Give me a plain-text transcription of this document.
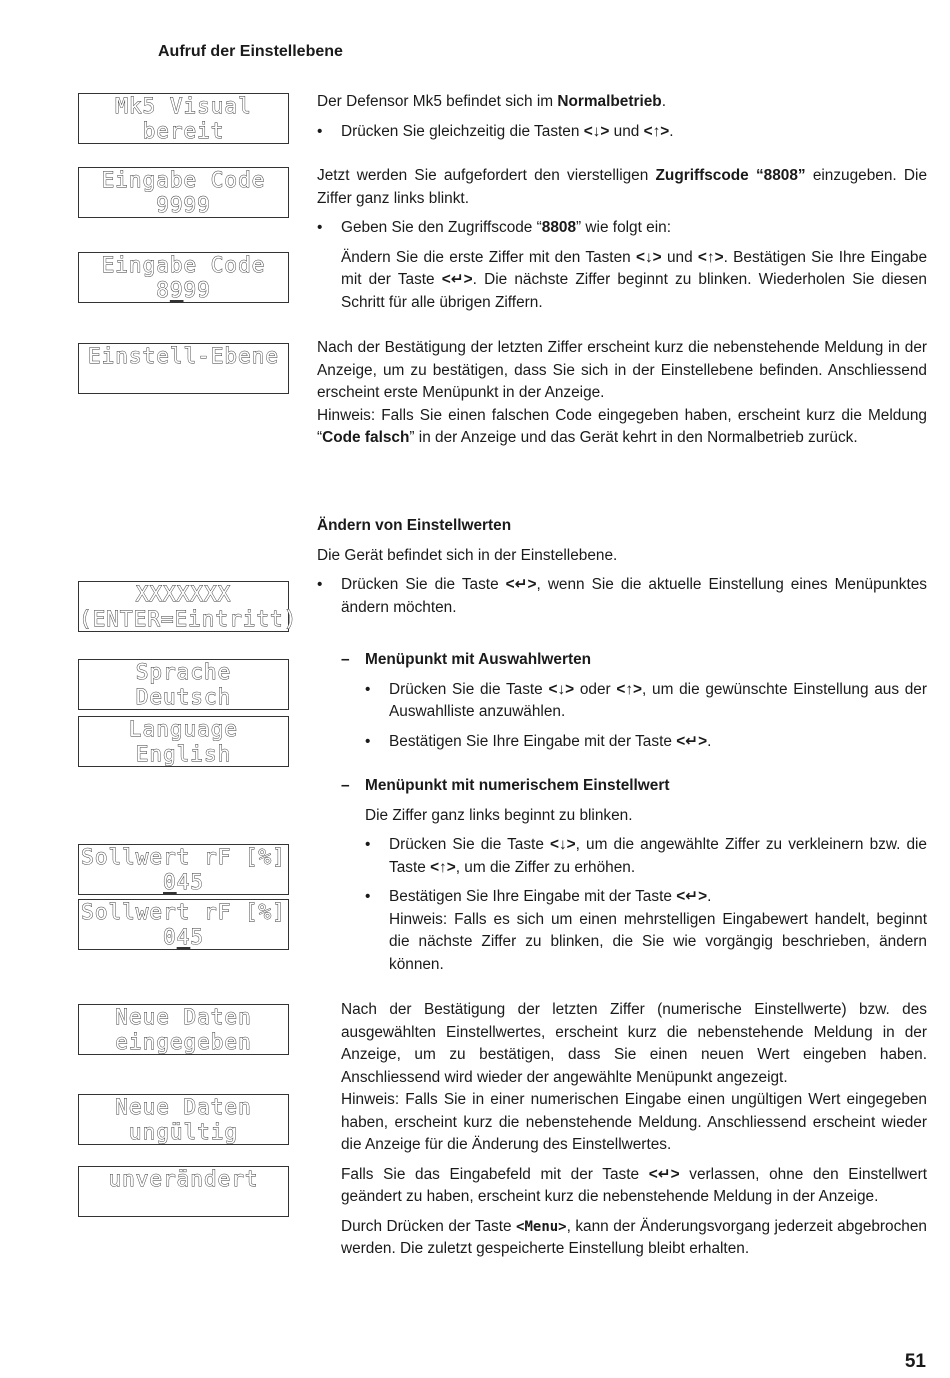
Aufruf der Einstellebene
Mk5 Visual
bereit
Eingabe Code
9999
Eingabe Code
8999
Einstell-Ebene
XXXXXXX
(ENTER=Eintritt)
Sprache
Deutsch
Language
English
Sollwert rF [%]
045
Sollwert rF [%]
045
Neue Daten
eingegeben
Neue Daten
ungültig
unverändert
Der Defensor Mk5 befindet sich im Normalbetrieb.
• Drücken Sie gleichzeitig die Tasten <↓> und <↑>.
Jetzt werden Sie aufgefordert den vierstelligen Zugriffscode “8808” einzugeben. Die Ziffer ganz links blinkt.
• Geben Sie den Zugriffscode “8808” wie folgt ein:
Ändern Sie die erste Ziffer mit den Tasten <↓> und <↑>. Bestätigen Sie Ihre Eingabe mit der Taste <↵>. Die nächste Ziffer beginnt zu blinken. Wiederholen Sie diesen Schritt für alle übrigen Ziffern.
Nach der Bestätigung der letzten Ziffer erscheint kurz die nebenstehende Meldung in der Anzeige, um zu bestätigen, dass Sie sich in der Einstellebene befinden. Anschliessend erscheint erste Menüpunkt in der Anzeige.
Hinweis: Falls Sie einen falschen Code eingegeben haben, erscheint kurz die Meldung “Code falsch” in der Anzeige und das Gerät kehrt in den Normalbetrieb zurück.
Ändern von Einstellwerten
Die Gerät befindet sich in der Einstellebene.
• Drücken Sie die Taste <↵>, wenn Sie die aktuelle Einstellung eines Menüpunktes ändern möchten.
– Menüpunkt mit Auswahlwerten
• Drücken Sie die Taste <↓> oder <↑>, um die gewünschte Einstellung aus der Auswahlliste anzuwählen.
• Bestätigen Sie Ihre Eingabe mit der Taste <↵>.
– Menüpunkt mit numerischem Einstellwert
Die Ziffer ganz links beginnt zu blinken.
• Drücken Sie die Taste <↓>, um die angewählte Ziffer zu verkleinern bzw. die Taste <↑>, um die Ziffer zu erhöhen.
• Bestätigen Sie Ihre Eingabe mit der Taste <↵>.
Hinweis: Falls es sich um einen mehrstelligen Eingabewert handelt, beginnt die nächste Ziffer zu blinken, die Sie wie vorgängig beschrieben, ändern können.
Nach der Bestätigung der letzten Ziffer (numerische Einstellwerte) bzw. des ausgewählten Einstellwertes, erscheint kurz die nebenstehende Meldung in der Anzeige, um zu bestätigen, dass Sie einen neuen Wert eingeben haben. Anschliessend wird wieder der angewählte Menüpunkt angezeigt.
Hinweis: Falls Sie in einer numerischen Eingabe einen ungültigen Wert eingegeben haben, erscheint kurz die nebenstehende Meldung. Anschliessend erscheint wieder die Anzeige für die Änderung des Einstellwertes.
Falls Sie das Eingabefeld mit der Taste <↵> verlassen, ohne den Einstellwert geändert zu haben, erscheint kurz die nebenstehende Meldung in der Anzeige.
Durch Drücken der Taste <Menu>, kann der Änderungsvorgang jederzeit abgebrochen werden. Die zuletzt gespeicherte Einstellung bleibt erhalten.
51
